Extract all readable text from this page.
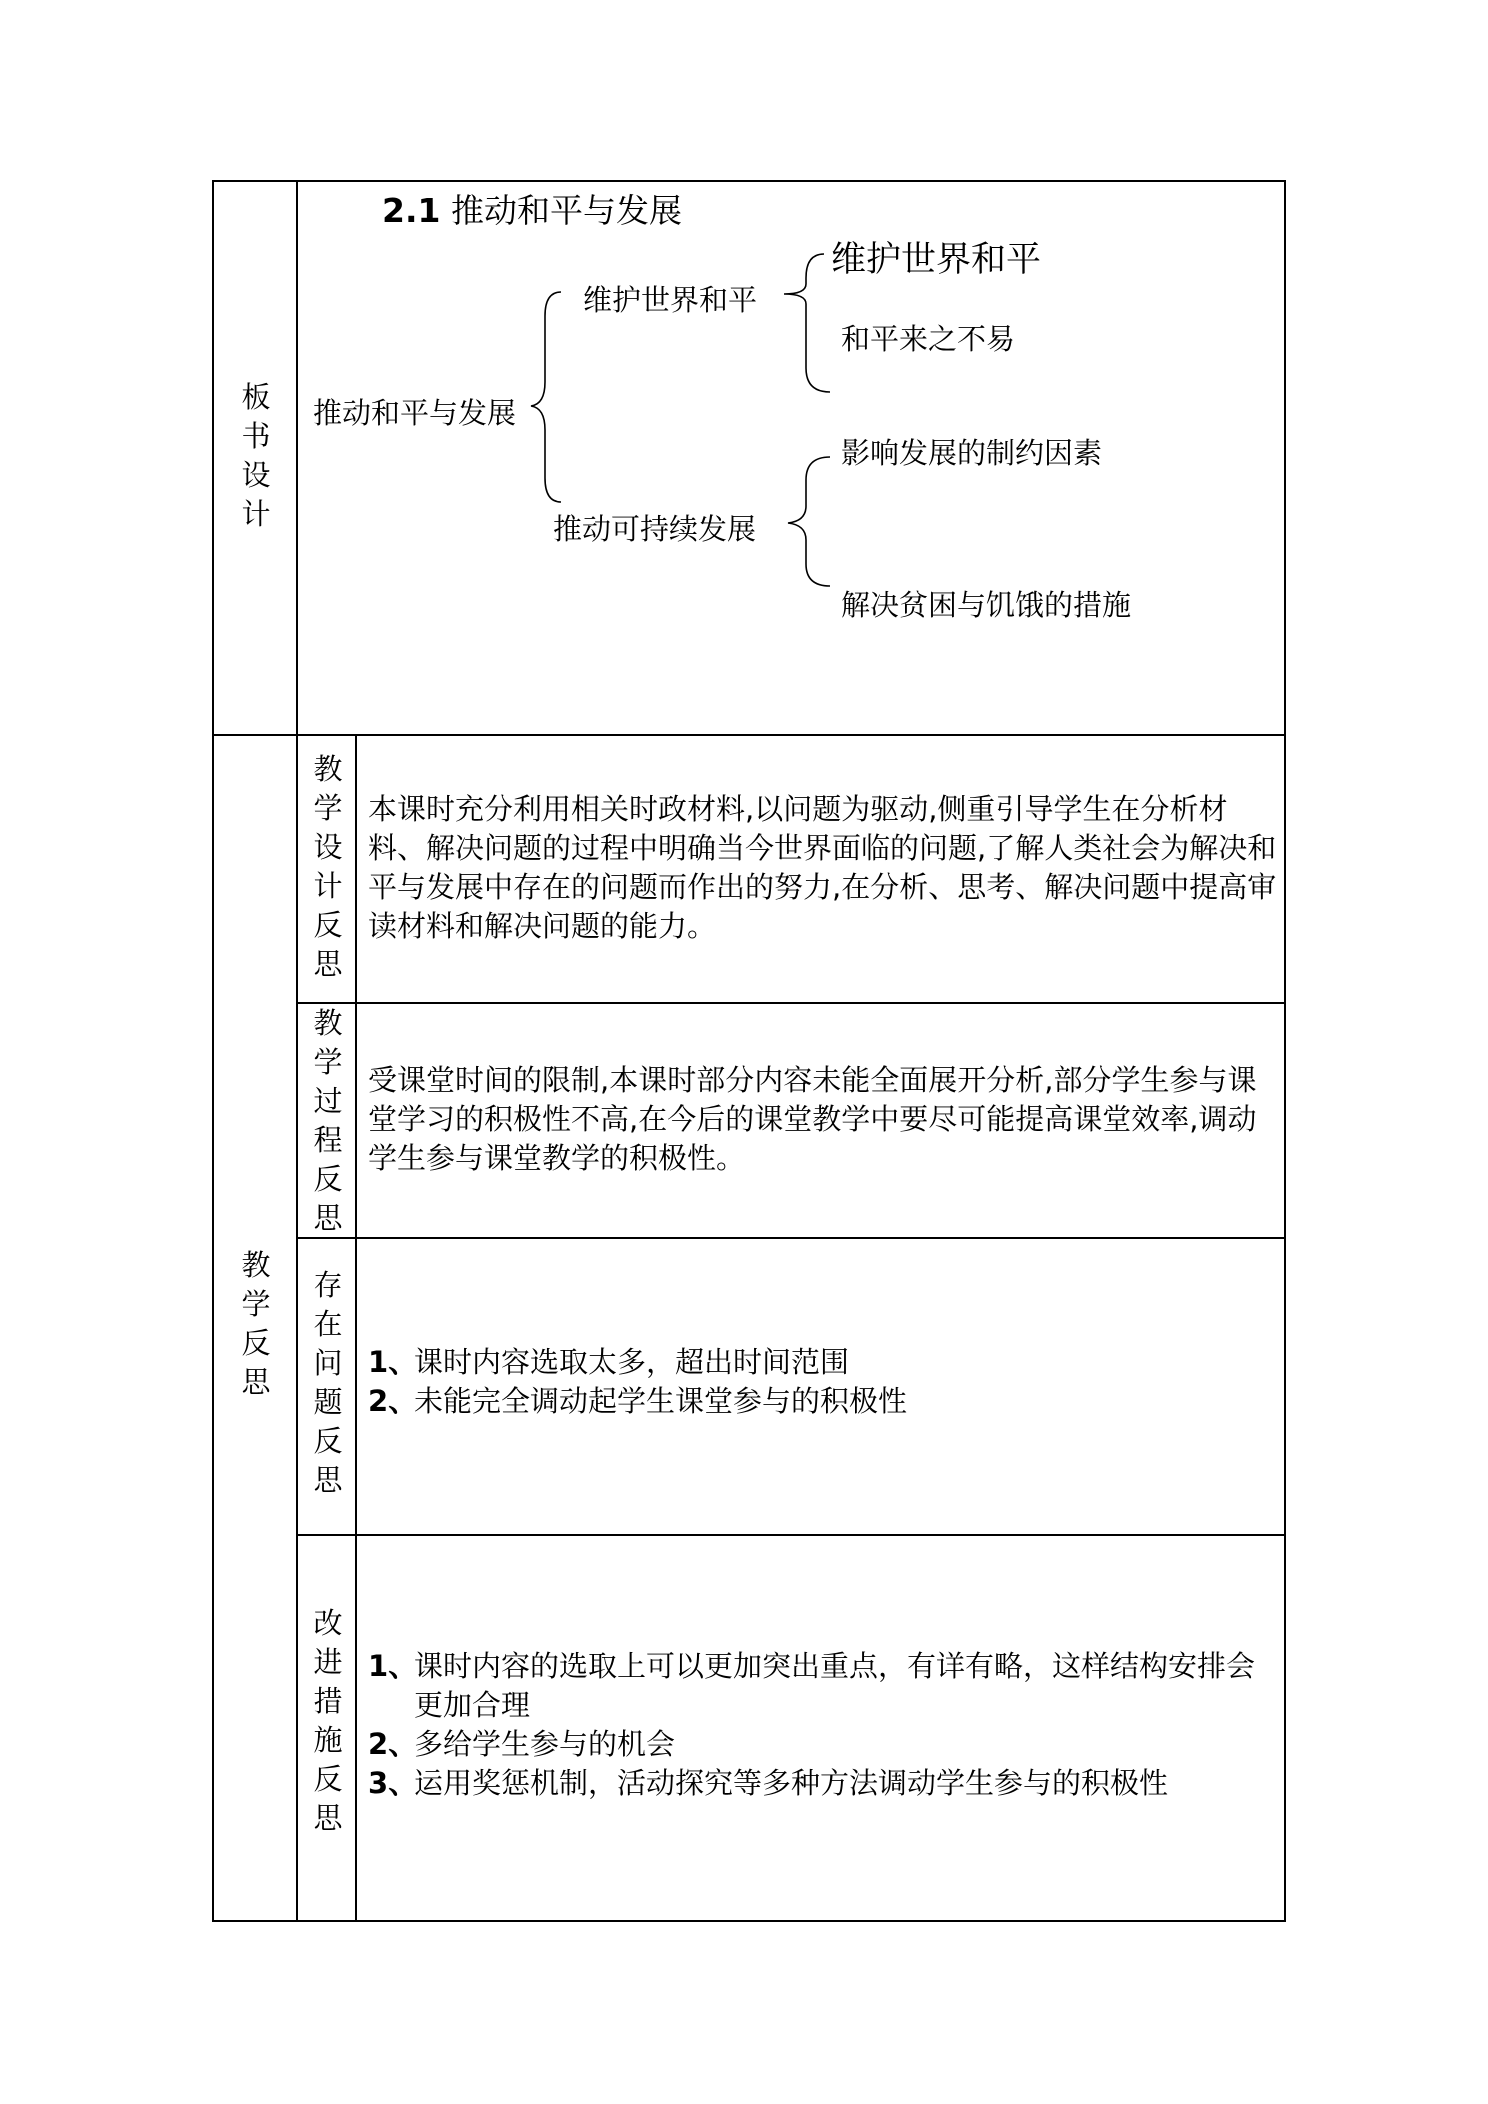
板
书
设
计
2.1 推动和平与发展
推动和平与发展
维护世界和平
推动可持续发展
维护世界和平
和平来之不易
影响发展的制约因素
解决贫困与饥饿的措施
教
学
反
思
教
学
设
计
反
思
本课时充分利用相关时政材料,以问题为驱动,侧重引导学生在分析材料、解决问题的过程中明确当今世界面临的问题,了解人类社会为解决和平与发展中存在的问题而作出的努力,在分析、思考、解决问题中提高审读材料和解决问题的能力。
教
学
过
程
反
思
受课堂时间的限制,本课时部分内容未能全面展开分析,部分学生参与课堂学习的积极性不高,在今后的课堂教学中要尽可能提高课堂效率,调动学生参与课堂教学的积极性。
存
在
问
题
反
思
1、
课时内容选取太多，超出时间范围
2、
未能完全调动起学生课堂参与的积极性
改
进
措
施
反
思
1、
课时内容的选取上可以更加突出重点，有详有略，这样结构安排会更加合理
2、
多给学生参与的机会
3、
运用奖惩机制，活动探究等多种方法调动学生参与的积极性
